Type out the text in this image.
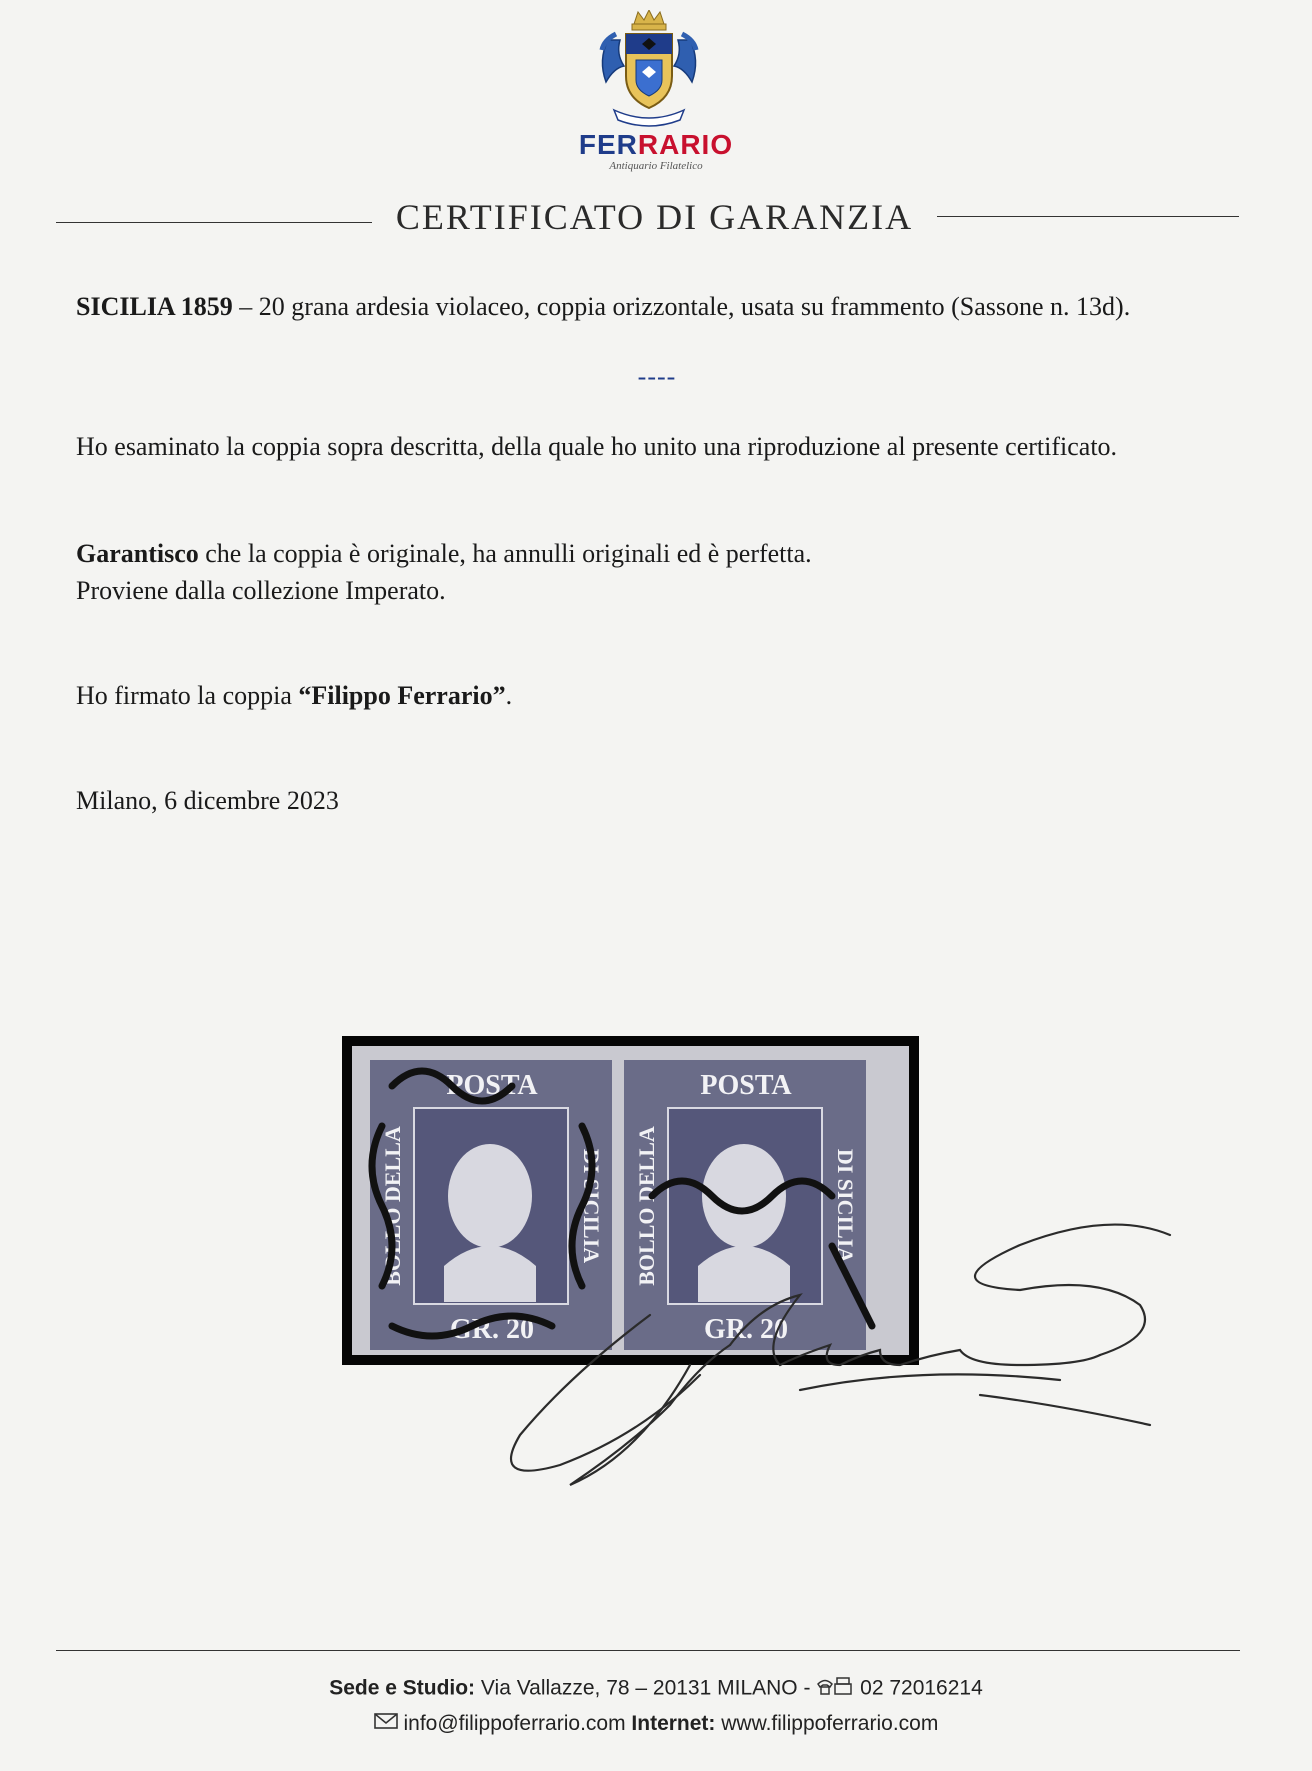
FERRARIO
Antiquario Filatelico
CERTIFICATO DI GARANZIA
SICILIA 1859 – 20 grana ardesia violaceo, coppia orizzontale, usata su frammento (Sassone n. 13d).
----
Ho esaminato la coppia sopra descritta, della quale ho unito una riproduzione al presente certificato.
Garantisco che la coppia è originale, ha annulli originali ed è perfetta.
Proviene dalla collezione Imperato.
Ho firmato la coppia “Filippo Ferrario”.
Milano, 6 dicembre 2023
POSTA
GR. 20
BOLLO DELLA	DI SICILIA
POSTA
GR. 20
BOLLO DELLA	DI SICILIA
Sede e Studio: Via Vallazze, 78 – 20131 MILANO -  02 72016214
info@filippoferrario.com Internet: www.filippoferrario.com
